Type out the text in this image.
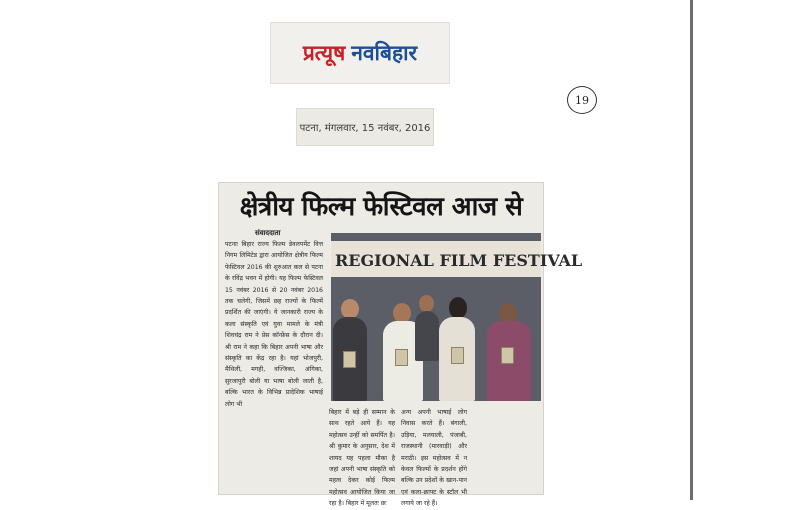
प्रत्यूष नवबिहार
पटना, मंगलवार, 15 नवंबर, 2016
19
क्षेत्रीय फिल्म फेस्टिवल आज से
संवाददाता
पटनाः बिहार राज्य फिल्म डेवलपमेंट वित्त निगम लिमिटेड द्वारा आयोजित क्षेत्रीय फिल्म फेस्टिवल 2016 की शुरुआत कल से पटना के रविंद्र भवन में होगी। यह फिल्म फेस्टिवल 15 नवंबर 2016 से 20 नवंबर 2016 तक चलेगी, जिसमें छह राज्यों के फिल्में प्रदर्शित की जाएंगी। ये जानकारी राज्य के कला संस्कृति एवं युवा मामले के मंत्री शिवचंद्र राम ने प्रेस कॉन्फ्रेंस के दौरान दी। श्री राम ने कहा कि बिहार अपनी भाषा और संस्कृति का केंद्र रहा है। यहां भोजपुरी, मैथिली, मगही, वज्जिका, अंगिका, सुरजापुरी बोली या भाषा बोली जाती है, बल्कि भारत के विभिन्न प्रादेशिक भाषाई लोग भी
REGIONAL FILM FESTIVAL
बिहार में बड़े ही सम्मान के साथ रहते आये हैं। यह महोत्सव उन्हीं को समर्पित है। श्री कुमार के अनुसार, देश में शायद यह पहला मौका है जहां अपनी भाषा संस्कृति को महत्व देकर कोई फिल्म महोत्सव आयोजित किया जा रहा है। बिहार में मूलतः छः
अन्य अपनी भाषाई लोग निवास करते हैं। बंगाली, उड़िया, मलयाली, पंजाबी, राजस्थानी (मारवाड़ी) और मराठी। इस महोत्सव में न केवल फिल्मों के प्रदर्शन होंगे बल्कि उन प्रदेशों के खान-पान एवं कला-क्राफ्ट के स्टॉल भी लगाये जा रहे हैं।
